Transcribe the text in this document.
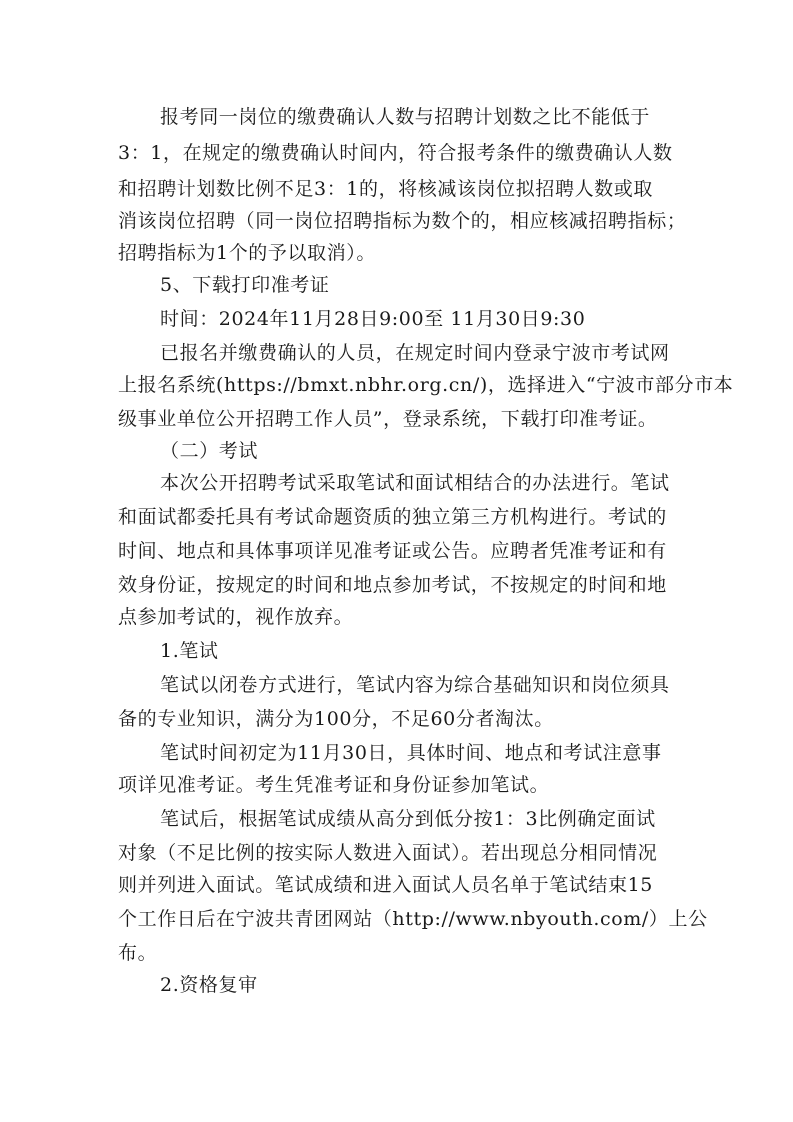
报考同一岗位的缴费确认人数与招聘计划数之比不能低于
3：1，在规定的缴费确认时间内，符合报考条件的缴费确认人数
和招聘计划数比例不足3：1的，将核减该岗位拟招聘人数或取
消该岗位招聘（同一岗位招聘指标为数个的，相应核减招聘指标；
招聘指标为1个的予以取消）。
5、下载打印准考证
时间：2024年11月28日9:00至 11月30日9:30
已报名并缴费确认的人员，在规定时间内登录宁波市考试网
上报名系统(https://bmxt.nbhr.org.cn/)，选择进入“宁波市部分市本
级事业单位公开招聘工作人员”，登录系统，下载打印准考证。
（二）考试
本次公开招聘考试采取笔试和面试相结合的办法进行。笔试
和面试都委托具有考试命题资质的独立第三方机构进行。考试的
时间、地点和具体事项详见准考证或公告。应聘者凭准考证和有
效身份证，按规定的时间和地点参加考试，不按规定的时间和地
点参加考试的，视作放弃。
1.笔试
笔试以闭卷方式进行，笔试内容为综合基础知识和岗位须具
备的专业知识，满分为100分，不足60分者淘汰。
笔试时间初定为11月30日，具体时间、地点和考试注意事
项详见准考证。考生凭准考证和身份证参加笔试。
笔试后，根据笔试成绩从高分到低分按1：3比例确定面试
对象（不足比例的按实际人数进入面试）。若出现总分相同情况
则并列进入面试。笔试成绩和进入面试人员名单于笔试结束15
个工作日后在宁波共青团网站（http://www.nbyouth.com/）上公
布。
2.资格复审
